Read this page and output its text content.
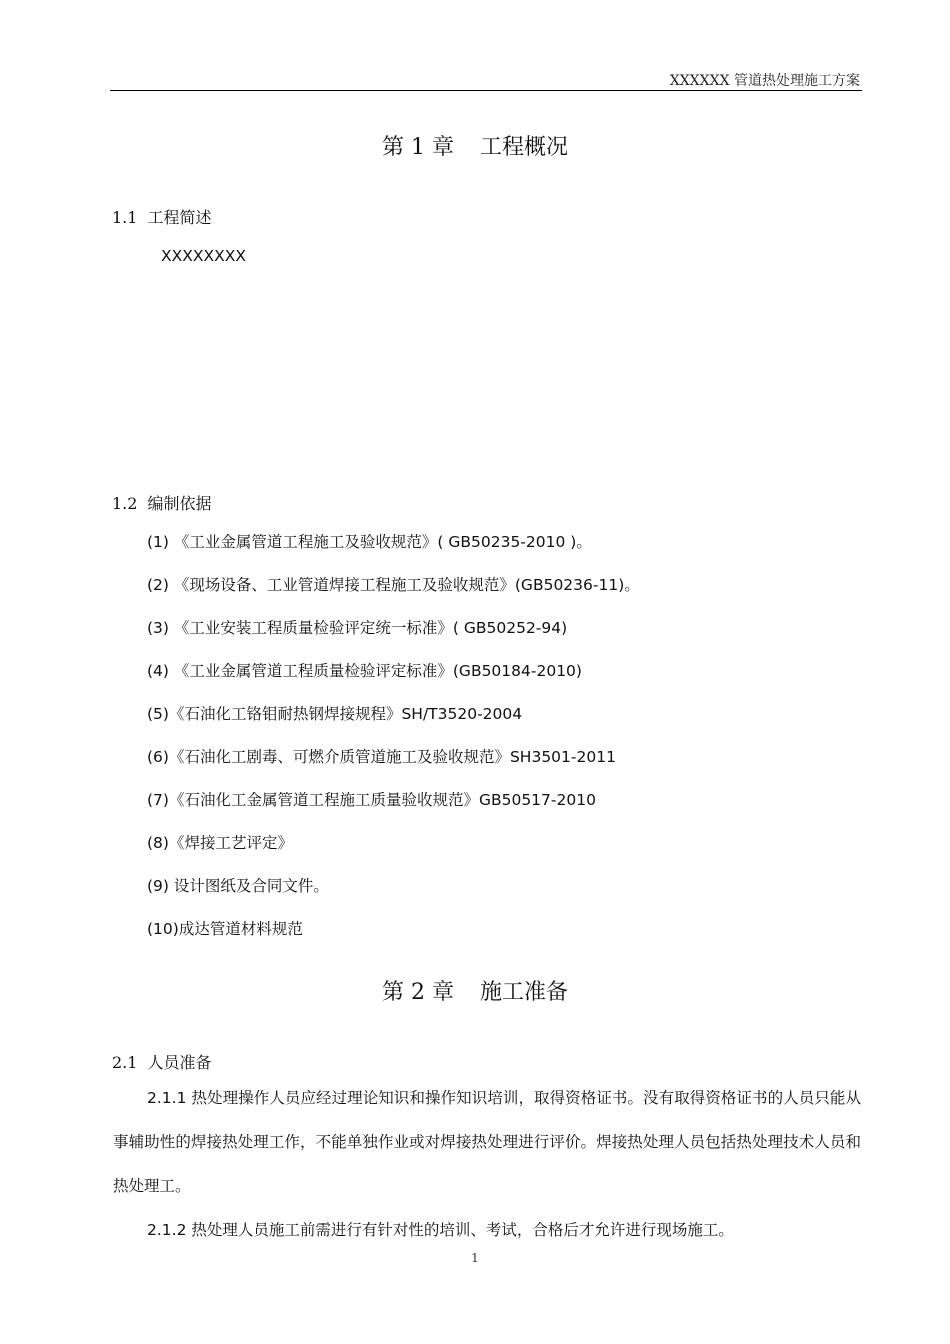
XXXXXX 管道热处理施工方案
第 1 章 工程概况
1.1 工程简述
XXXXXXXX
1.2 编制依据
(1) 《工业金属管道工程施工及验收规范》( GB50235-2010 )。
(2) 《现场设备、工业管道焊接工程施工及验收规范》(GB50236-11)。
(3) 《工业安装工程质量检验评定统一标准》( GB50252-94)
(4) 《工业金属管道工程质量检验评定标准》(GB50184-2010)
(5)《石油化工铬钼耐热钢焊接规程》SH/T3520-2004
(6)《石油化工剧毒、可燃介质管道施工及验收规范》SH3501-2011
(7)《石油化工金属管道工程施工质量验收规范》GB50517-2010
(8)《焊接工艺评定》
(9) 设计图纸及合同文件。
(10)成达管道材料规范
第 2 章 施工准备
2.1 人员准备
2.1.1 热处理操作人员应经过理论知识和操作知识培训，取得资格证书。没有取得资格证书的人员只能从事辅助性的焊接热处理工作，不能单独作业或对焊接热处理进行评价。焊接热处理人员包括热处理技术人员和热处理工。
2.1.2 热处理人员施工前需进行有针对性的培训、考试，合格后才允许进行现场施工。
1
